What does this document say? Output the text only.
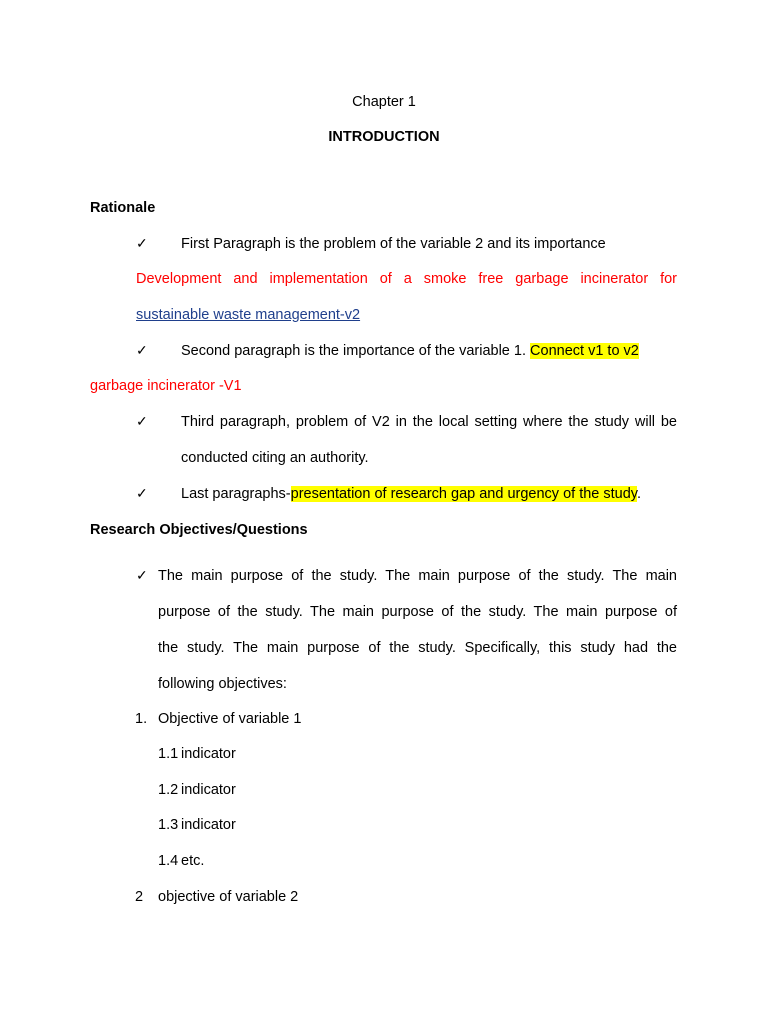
Chapter 1
INTRODUCTION
Rationale
✓ First Paragraph is the problem of the variable 2 and its importance
Development and implementation of a smoke free garbage incinerator for
sustainable waste management-v2
✓ Second paragraph is the importance of the variable 1. Connect v1 to v2
garbage incinerator -V1
✓ Third paragraph, problem of V2 in the local setting where the study will be
conducted citing an authority.
✓ Last paragraphs-presentation of research gap and urgency of the study.
Research Objectives/Questions
✓ The main purpose of the study. The main purpose of the study. The main
purpose of the study. The main purpose of the study. The main purpose of
the study. The main purpose of the study. Specifically, this study had the
following objectives:
1. Objective of variable 1
1.1 indicator
1.2 indicator
1.3 indicator
1.4 etc.
2 objective of variable 2
